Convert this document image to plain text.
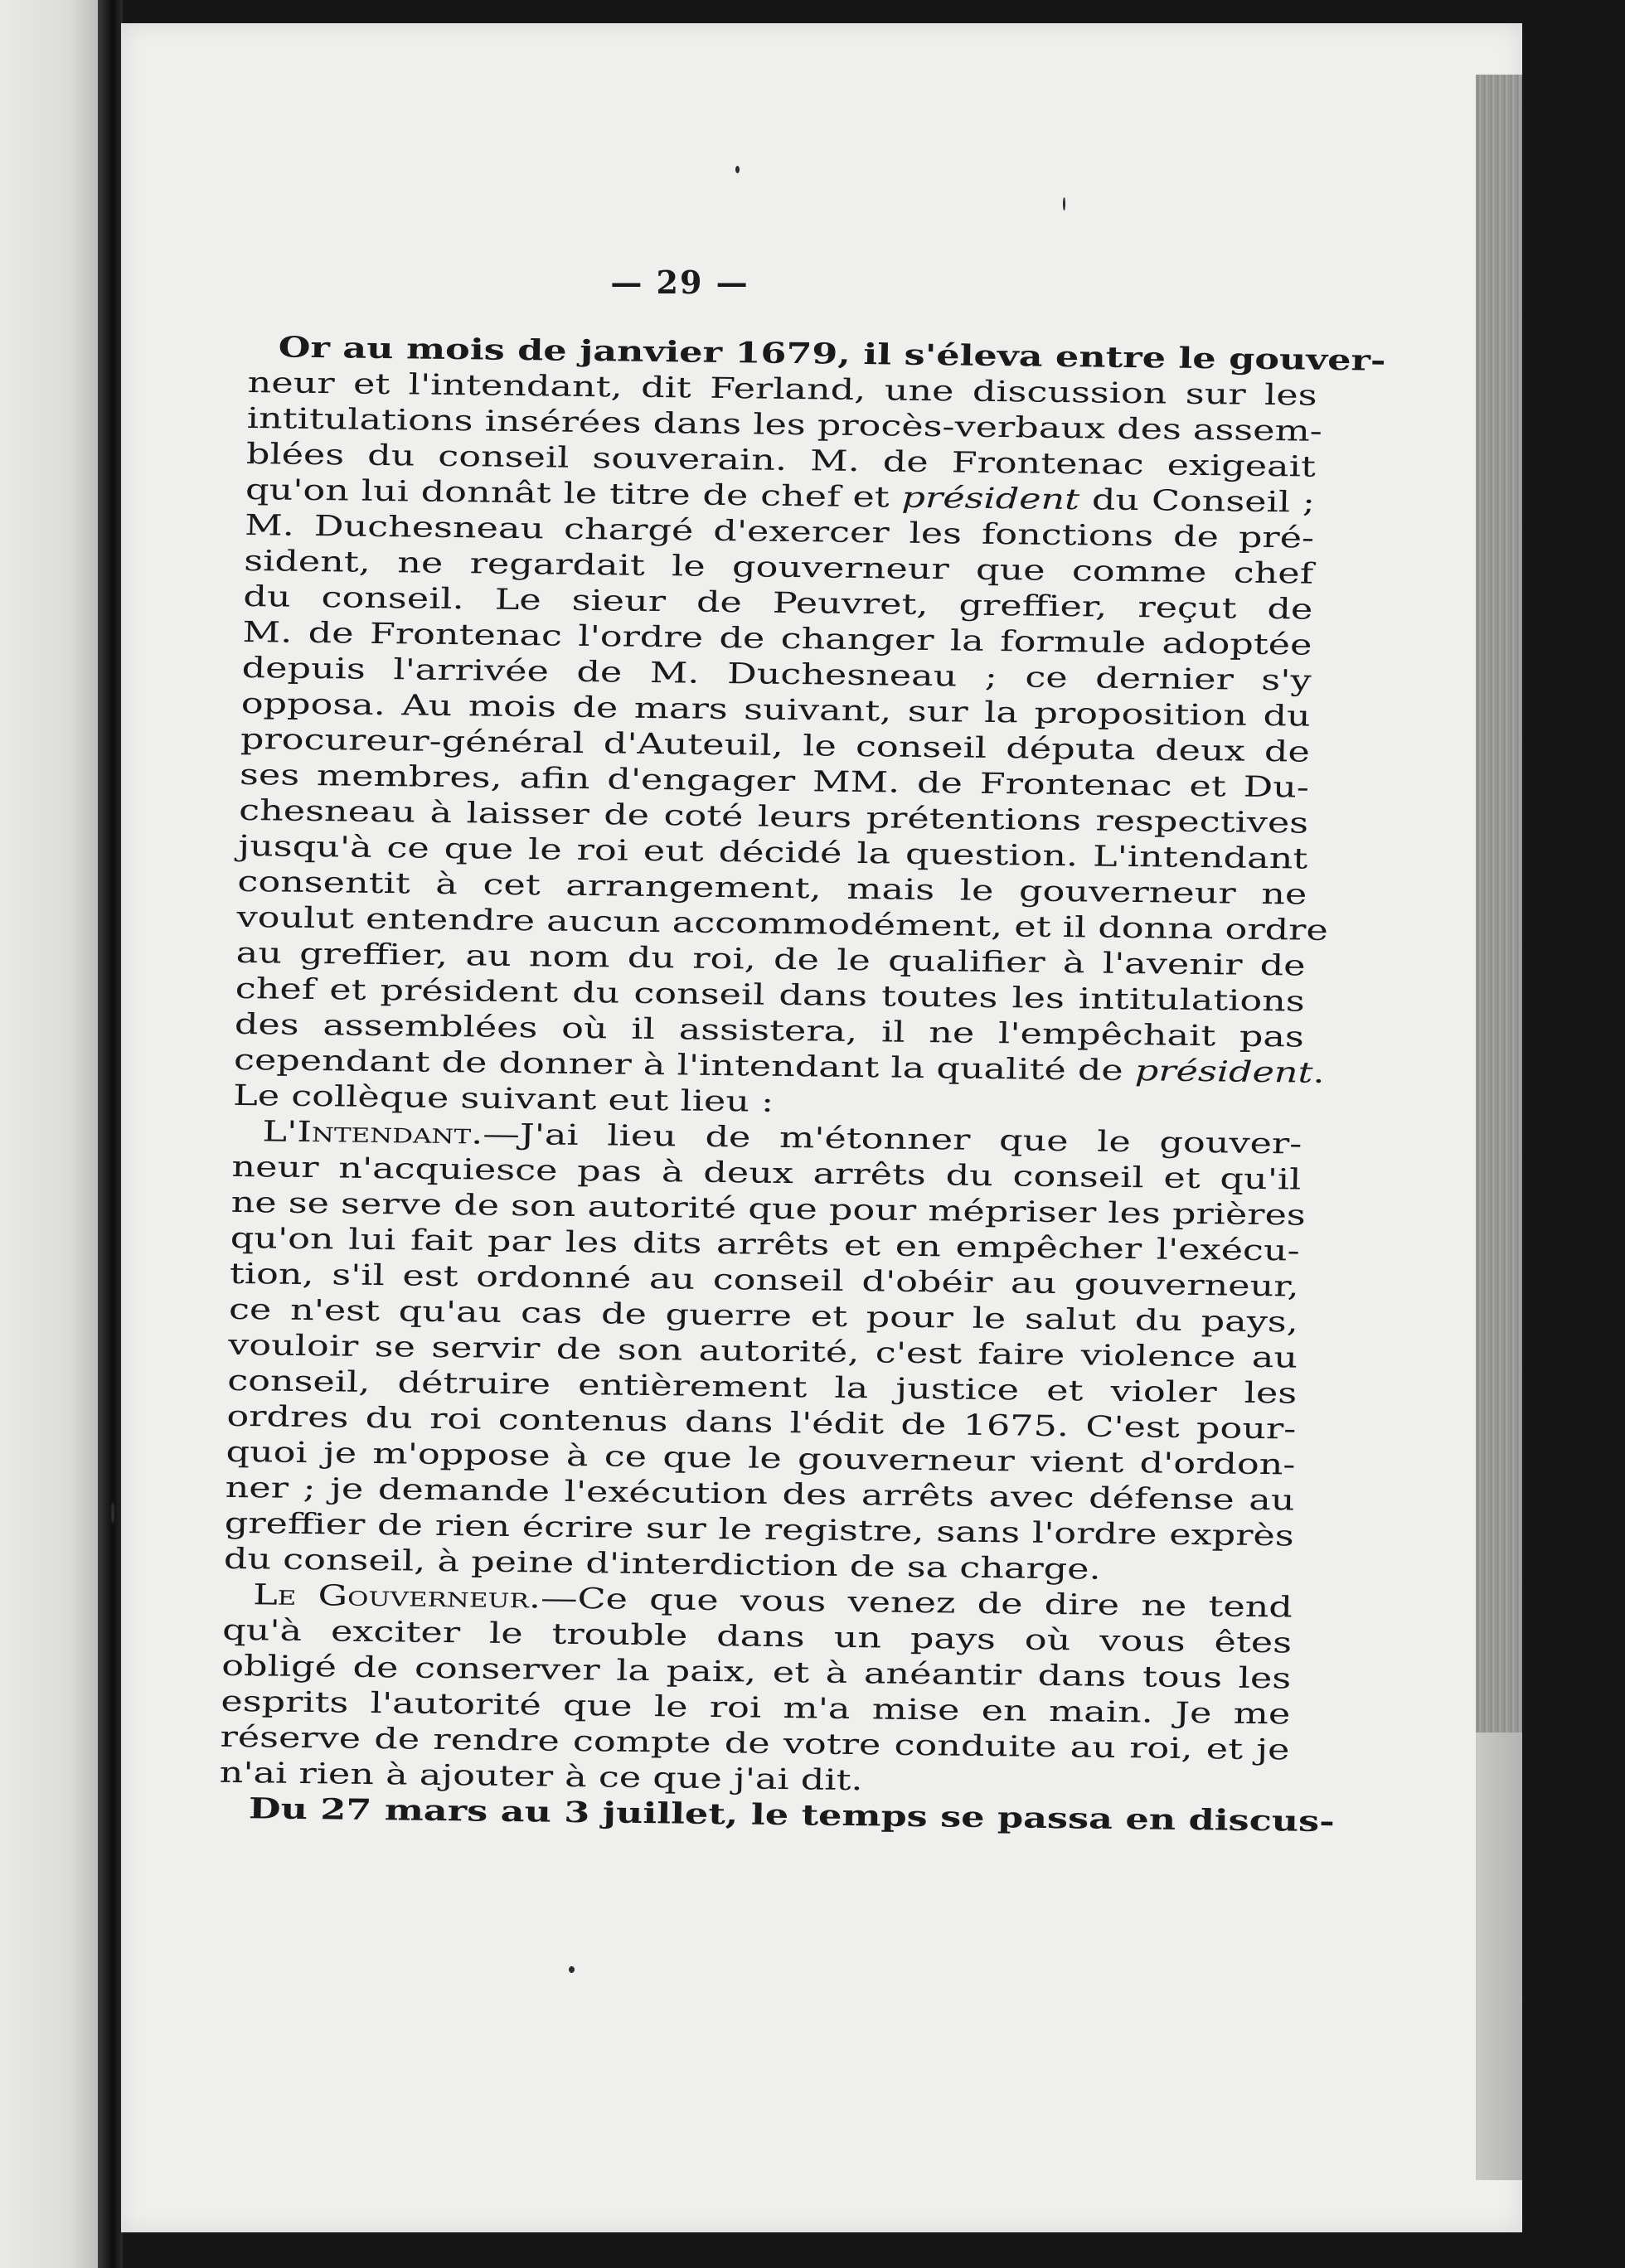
— 29 —
Or au mois de janvier 1679, il s'éleva entre le gouver-
neur et l'intendant, dit Ferland, une discussion sur les
intitulations insérées dans les procès-verbaux des assem-
blées du conseil souverain. M. de Frontenac exigeait
qu'on lui donnât le titre de chef et président du Conseil ;
M. Duchesneau chargé d'exercer les fonctions de pré-
sident, ne regardait le gouverneur que comme chef
du conseil. Le sieur de Peuvret, greffier, reçut de
M. de Frontenac l'ordre de changer la formule adoptée
depuis l'arrivée de M. Duchesneau ; ce dernier s'y
opposa. Au mois de mars suivant, sur la proposition du
procureur-général d'Auteuil, le conseil députa deux de
ses membres, afin d'engager MM. de Frontenac et Du-
chesneau à laisser de coté leurs prétentions respectives
jusqu'à ce que le roi eut décidé la question. L'intendant
consentit à cet arrangement, mais le gouverneur ne
voulut entendre aucun accommodément, et il donna ordre
au greffier, au nom du roi, de le qualifier à l'avenir de
chef et président du conseil dans toutes les intitulations
des assemblées où il assistera, il ne l'empêchait pas
cependant de donner à l'intendant la qualité de président
Le collèque suivant eut lieu :
L'Intendant.—J'ai lieu de m'étonner que le gouver-
neur n'acquiesce pas à deux arrêts du conseil et qu'il
ne se serve de son autorité que pour mépriser les prières
qu'on lui fait par les dits arrêts et en empêcher l'exécu-
tion, s'il est ordonné au conseil d'obéir au gouverneur,
ce n'est qu'au cas de guerre et pour le salut du pays,
vouloir se servir de son autorité, c'est faire violence au
conseil, détruire entièrement la justice et violer les
ordres du roi contenus dans l'édit de 1675. C'est pour-
quoi je m'oppose à ce que le gouverneur vient d'ordon-
ner ; je demande l'exécution des arrêts avec défense au
greffier de rien écrire sur le registre, sans l'ordre exprès
du conseil, à peine d'interdiction de sa charge.
Le Gouverneur.—Ce que vous venez de dire ne tend
qu'à exciter le trouble dans un pays où vous êtes
obligé de conserver la paix, et à anéantir dans tous les
esprits l'autorité que le roi m'a mise en main. Je me
réserve de rendre compte de votre conduite au roi, et je
n'ai rien à ajouter à ce que j'ai dit.
Du 27 mars au 3 juillet, le temps se passa en discus-
